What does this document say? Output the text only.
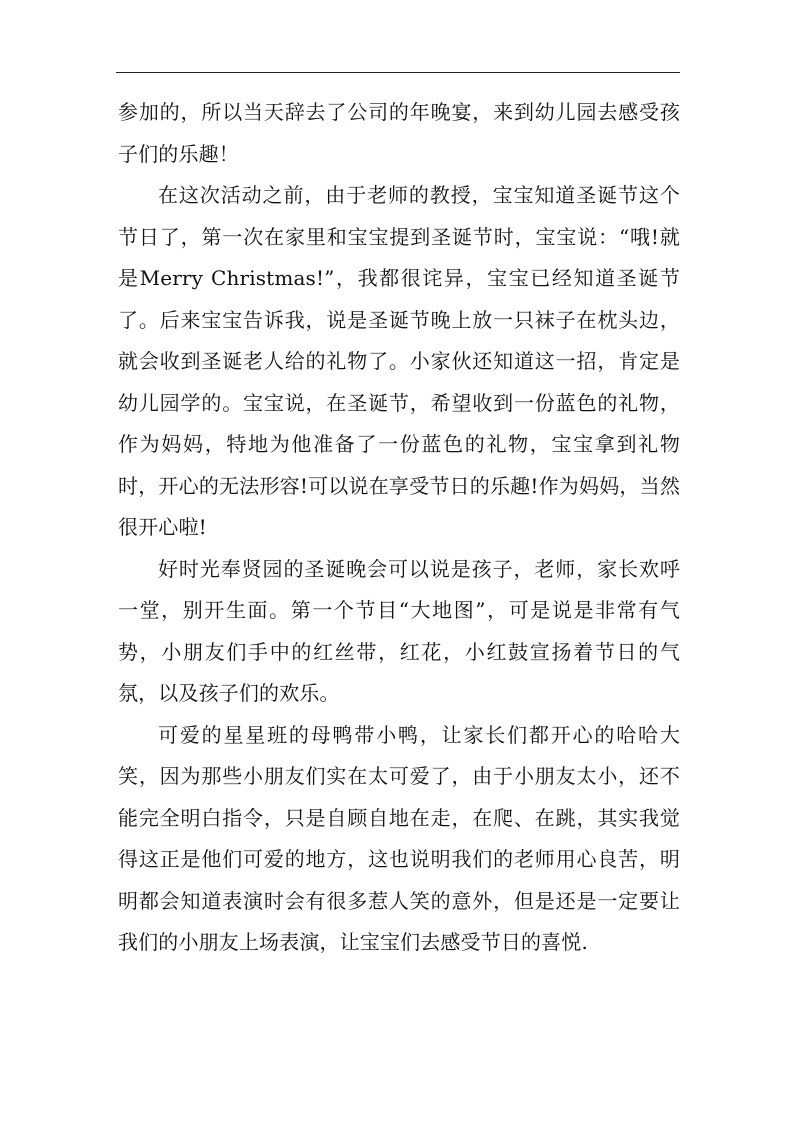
参加的，所以当天辞去了公司的年晚宴，来到幼儿园去感受孩子们的乐趣！

在这次活动之前，由于老师的教授，宝宝知道圣诞节这个节日了，第一次在家里和宝宝提到圣诞节时，宝宝说：“哦!就是Merry Christmas!”，我都很诧异，宝宝已经知道圣诞节了。后来宝宝告诉我，说是圣诞节晚上放一只袜子在枕头边，就会收到圣诞老人给的礼物了。小家伙还知道这一招，肯定是幼儿园学的。宝宝说，在圣诞节，希望收到一份蓝色的礼物，作为妈妈，特地为他准备了一份蓝色的礼物，宝宝拿到礼物时，开心的无法形容!可以说在享受节日的乐趣!作为妈妈，当然很开心啦!

好时光奉贤园的圣诞晚会可以说是孩子，老师，家长欢呼一堂，别开生面。第一个节目“大地图”，可是说是非常有气势，小朋友们手中的红丝带，红花，小红鼓宣扬着节日的气氛，以及孩子们的欢乐。

可爱的星星班的母鸭带小鸭，让家长们都开心的哈哈大笑，因为那些小朋友们实在太可爱了，由于小朋友太小，还不能完全明白指令，只是自顾自地在走，在爬、在跳，其实我觉得这正是他们可爱的地方，这也说明我们的老师用心良苦，明明都会知道表演时会有很多惹人笑的意外，但是还是一定要让我们的小朋友上场表演，让宝宝们去感受节日的喜悦.
